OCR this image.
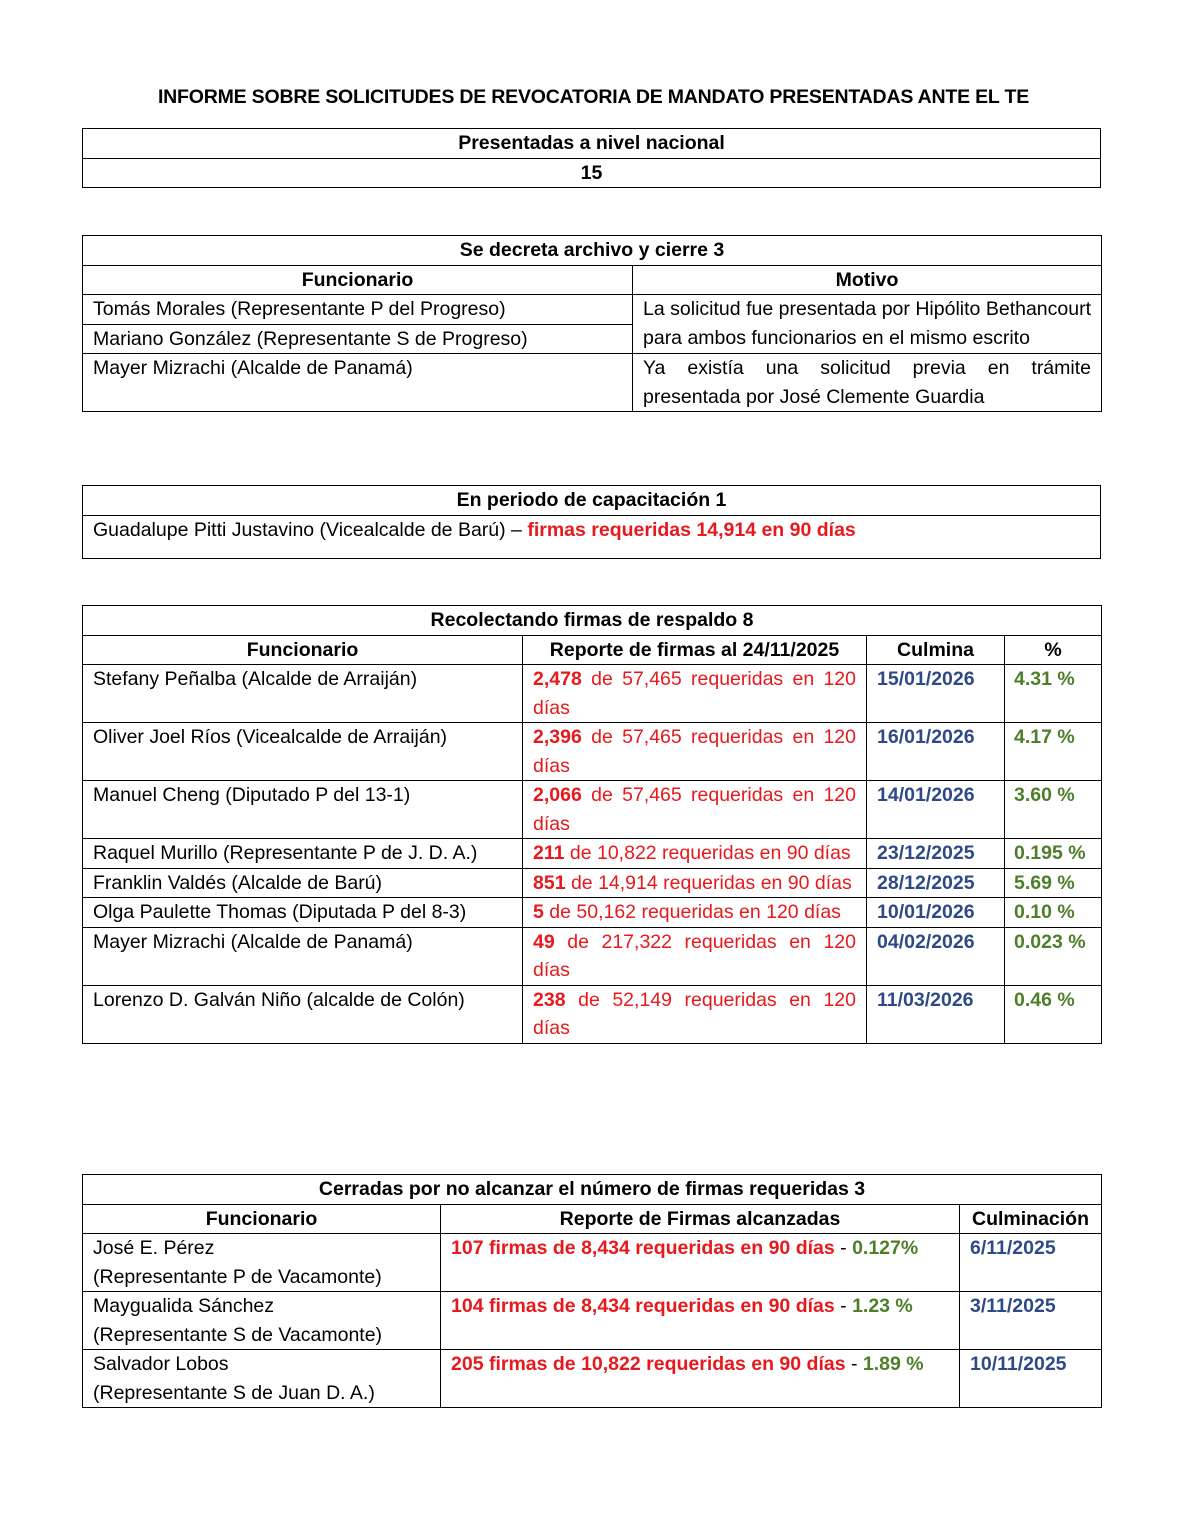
INFORME SOBRE SOLICITUDES DE REVOCATORIA DE MANDATO PRESENTADAS ANTE EL TE
Presentadas a nivel nacional
15
Se decreta archivo y cierre 3	
Funcionario	Motivo
Tomás Morales (Representante P del Progreso)	La solicitud fue presentada por Hipólito Bethancourt para ambos funcionarios en el mismo escrito
Mariano González (Representante S de Progreso)	
Mayer Mizrachi (Alcalde de Panamá)	Ya existía una solicitud previa en trámite presentada por José Clemente Guardia
En periodo de capacitación 1
Guadalupe Pitti Justavino (Vicealcalde de Barú) – firmas requeridas 14,914 en 90 días
Recolectando firmas de respaldo 8			
Funcionario	Reporte de firmas al 24/11/2025	Culmina	%
Stefany Peñalba (Alcalde de Arraiján)	2,478 de 57,465 requeridas en 120 días	15/01/2026	4.31 %
Oliver Joel Ríos (Vicealcalde de Arraiján)	2,396 de 57,465 requeridas en 120 días	16/01/2026	4.17 %
Manuel Cheng (Diputado P del 13-1)	2,066 de 57,465 requeridas en 120 días	14/01/2026	3.60 %
Raquel Murillo (Representante P de J. D. A.)	211 de 10,822 requeridas en 90 días	23/12/2025	0.195 %
Franklin Valdés (Alcalde de Barú)	851 de 14,914 requeridas en 90 días	28/12/2025	5.69 %
Olga Paulette Thomas (Diputada P del 8-3)	5 de 50,162 requeridas en 120 días	10/01/2026	0.10 %
Mayer Mizrachi (Alcalde de Panamá)	49 de 217,322 requeridas en 120 días	04/02/2026	0.023 %
Lorenzo D. Galván Niño (alcalde de Colón)	238 de 52,149 requeridas en 120 días	11/03/2026	0.46 %
Cerradas por no alcanzar el número de firmas requeridas 3		
Funcionario	Reporte de Firmas alcanzadas	Culminación

José E. Pérez
(Representante P de Vacamonte)	107 firmas de 8,434 requeridas en 90 días - 0.127%	6/11/2025

Maygualida Sánchez
(Representante S de Vacamonte)	104 firmas de 8,434 requeridas en 90 días - 1.23 %	3/11/2025

Salvador Lobos
(Representante S de Juan D. A.)	205 firmas de 10,822 requeridas en 90 días - 1.89 %	10/11/2025
